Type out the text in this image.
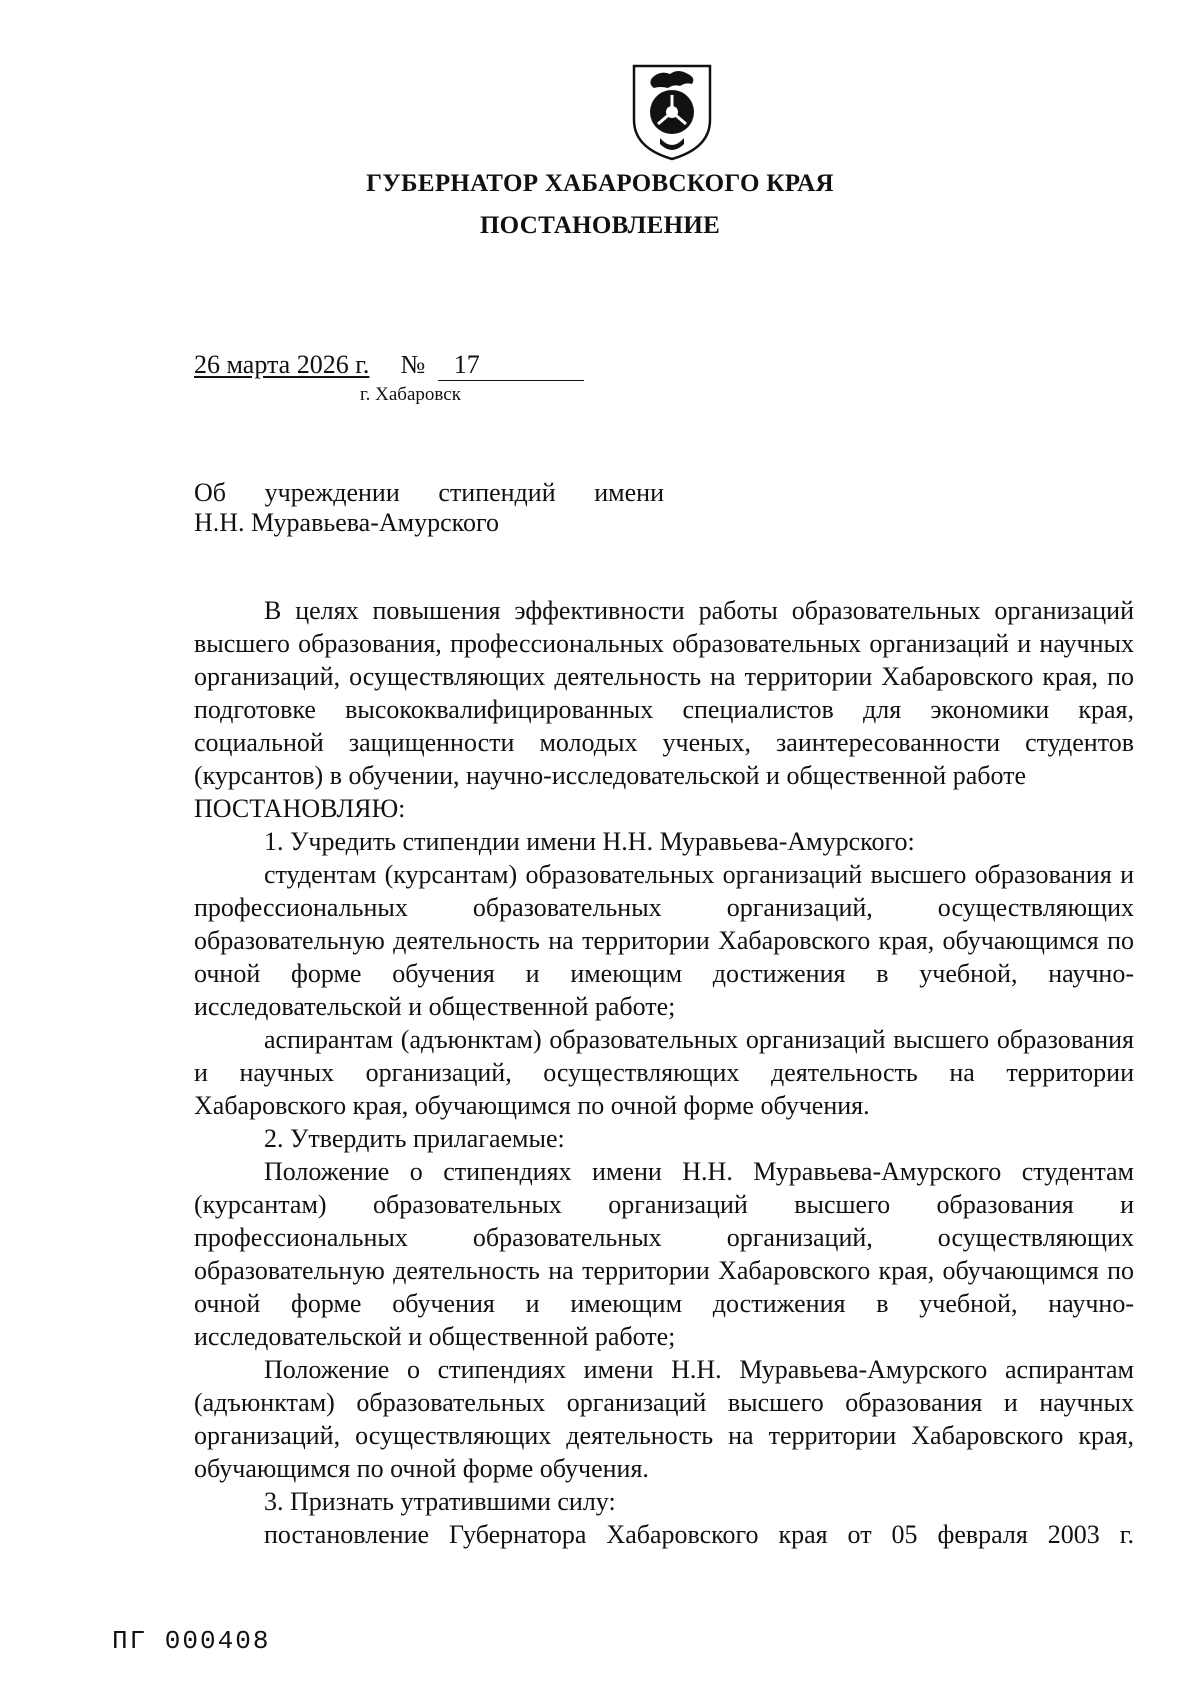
ГУБЕРНАТОР ХАБАРОВСКОГО КРАЯ
ПОСТАНОВЛЕНИЕ
26 марта 2026 г. № 17
г. Хабаровск
Об учреждении стипендий имени
Н.Н. Муравьева-Амурского

В целях повышения эффективности работы образовательных организаций высшего образования, профессиональных образовательных организаций и научных организаций, осуществляющих деятельность на территории Хабаровского края, по подготовке высококвалифицированных специалистов для экономики края, социальной защищенности молодых ученых, заинтересованности студентов (курсантов) в обучении, научно-исследовательской и общественной работе

ПОСТАНОВЛЯЮ:

1. Учредить стипендии имени Н.Н. Муравьева-Амурского:

студентам (курсантам) образовательных организаций высшего образования и профессиональных образовательных организаций, осуществляющих образовательную деятельность на территории Хабаровского края, обучающимся по очной форме обучения и имеющим достижения в учебной, научно-исследовательской и общественной работе;

аспирантам (адъюнктам) образовательных организаций высшего образования и научных организаций, осуществляющих деятельность на территории Хабаровского края, обучающимся по очной форме обучения.

2. Утвердить прилагаемые:

Положение о стипендиях имени Н.Н. Муравьева-Амурского студентам (курсантам) образовательных организаций высшего образования и профессиональных образовательных организаций, осуществляющих образовательную деятельность на территории Хабаровского края, обучающимся по очной форме обучения и имеющим достижения в учебной, научно-исследовательской и общественной работе;

Положение о стипендиях имени Н.Н. Муравьева-Амурского аспирантам (адъюнктам) образовательных организаций высшего образования и научных организаций, осуществляющих деятельность на территории Хабаровского края, обучающимся по очной форме обучения.

3. Признать утратившими силу:

постановление Губернатора Хабаровского края от 05 февраля 2003 г.

ПГ 000408
